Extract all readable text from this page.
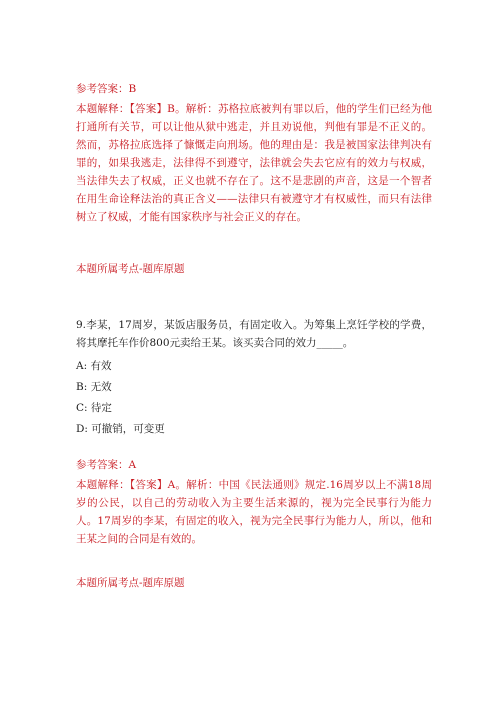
参考答案：B
本题解释：【答案】B。解析：苏格拉底被判有罪以后，他的学生们已经为他打通所有关节，可以让他从狱中逃走，并且劝说他，判他有罪是不正义的。然而，苏格拉底选择了慷慨走向刑场。他的理由是：我是被国家法律判决有罪的，如果我逃走，法律得不到遵守，法律就会失去它应有的效力与权威，当法律失去了权威，正义也就不存在了。这不是悲剧的声音，这是一个智者在用生命诠释法治的真正含义——法律只有被遵守才有权威性，而只有法律树立了权威，才能有国家秩序与社会正义的存在。
本题所属考点-题库原题
9.李某，17周岁，某饭店服务员，有固定收入。为筹集上烹饪学校的学费，将其摩托车作价800元卖给王某。该买卖合同的效力_____。
A: 有效
B: 无效
C: 待定
D: 可撤销，可变更
参考答案：A
本题解释：【答案】A。解析：中国《民法通则》规定.16周岁以上不满18周岁的公民，以自己的劳动收入为主要生活来源的，视为完全民事行为能力人。17周岁的李某，有固定的收入，视为完全民事行为能力人，所以，他和王某之间的合同是有效的。
本题所属考点-题库原题
